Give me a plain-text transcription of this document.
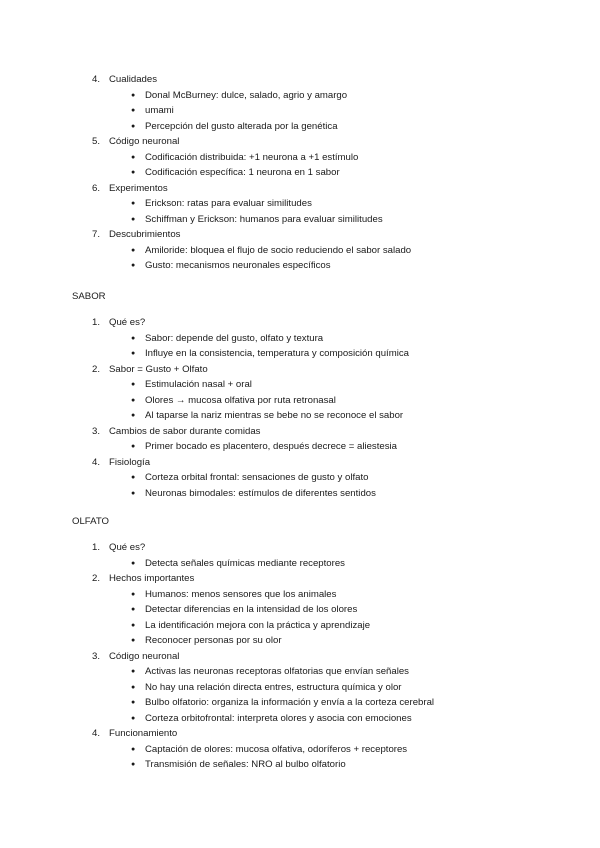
4. Cualidades
● Donal McBurney: dulce, salado, agrio y amargo
● umami
● Percepción del gusto alterada por la genética
5. Código neuronal
● Codificación distribuida: +1 neurona a +1 estímulo
● Codificación específica: 1 neurona en 1 sabor
6. Experimentos
● Erickson: ratas para evaluar similitudes
● Schiffman y Erickson: humanos para evaluar similitudes
7. Descubrimientos
● Amiloride: bloquea el flujo de socio reduciendo el sabor salado
● Gusto: mecanismos neuronales específicos
SABOR
1. Qué es?
● Sabor: depende del gusto, olfato y textura
● Influye en la consistencia, temperatura y composición química
2. Sabor = Gusto + Olfato
● Estimulación nasal + oral
● Olores → mucosa olfativa por ruta retronasal
● Al taparse la nariz mientras se bebe no se reconoce el sabor
3. Cambios de sabor durante comidas
● Primer bocado es placentero, después decrece = aliestesia
4. Fisiología
● Corteza orbital frontal: sensaciones de gusto y olfato
● Neuronas bimodales: estímulos de diferentes sentidos
OLFATO
1. Qué es?
● Detecta señales químicas mediante receptores
2. Hechos importantes
● Humanos: menos sensores que los animales
● Detectar diferencias en la intensidad de los olores
● La identificación mejora con la práctica y aprendizaje
● Reconocer personas por su olor
3. Código neuronal
● Activas las neuronas receptoras olfatorias que envían señales
● No hay una relación directa entres, estructura química y olor
● Bulbo olfatorio: organiza la información y envía a la corteza cerebral
● Corteza orbitofrontal: interpreta olores y asocia con emociones
4. Funcionamiento
● Captación de olores: mucosa olfativa, odoríferos + receptores
● Transmisión de señales: NRO al bulbo olfatorio
